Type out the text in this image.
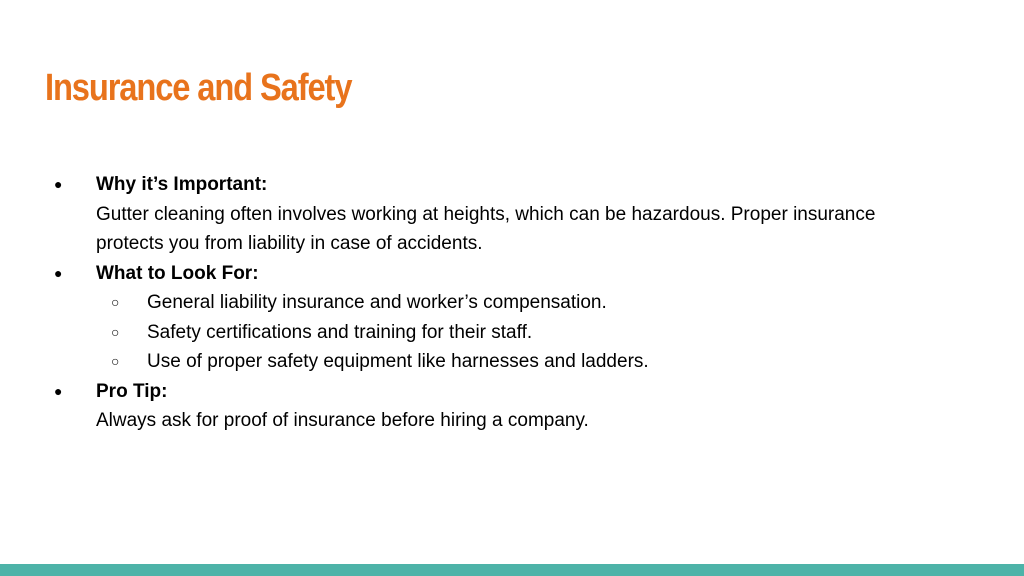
Insurance and Safety
●	Why it’s Important:
Gutter cleaning often involves working at heights, which can be hazardous. Proper insurance
protects you from liability in case of accidents.
●	What to Look For:
○	General liability insurance and worker’s compensation.
○	Safety certifications and training for their staff.
○	Use of proper safety equipment like harnesses and ladders.
●	Pro Tip:
Always ask for proof of insurance before hiring a company.
